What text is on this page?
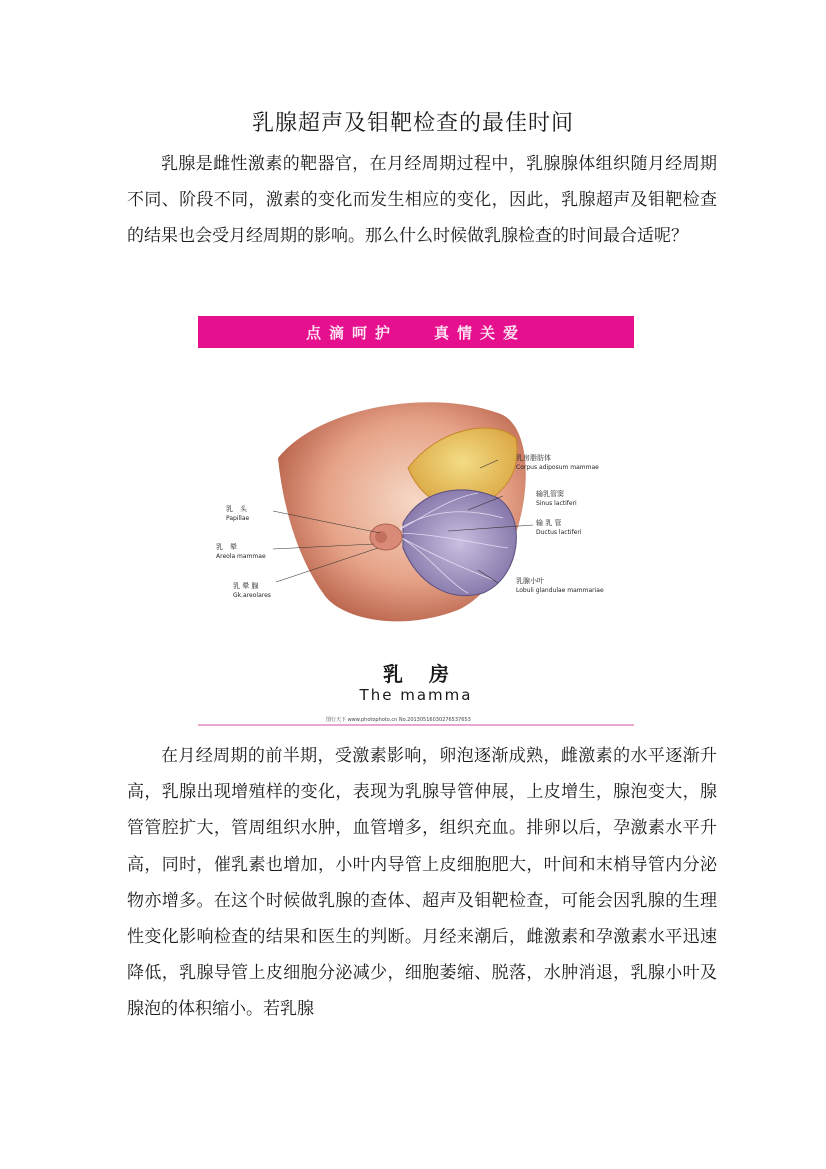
乳腺超声及钼靶检查的最佳时间

乳腺是雌性激素的靶器官，在月经周期过程中，乳腺腺体组织随月经周期不同、阶段不同，激素的变化而发生相应的变化，因此，乳腺超声及钼靶检查的结果也会受月经周期的影响。那么什么时候做乳腺检查的时间最合适呢？

点滴呵护 真情关爱
乳　头
Papillae
乳　晕
Areola mammae
乳 晕 腺
Gk.areolares
乳房脂肪体
Corpus adiposum mammae
输乳管窦
Sinus lactiferi
输 乳 管
Ductus lactiferi
乳腺小叶
Lobuli glandulae mammariae
乳房
The mamma
图行天下 www.photophoto.cn No.20130516030276537653

在月经周期的前半期，受激素影响，卵泡逐渐成熟，雌激素的水平逐渐升高，乳腺出现增殖样的变化，表现为乳腺导管伸展，上皮增生，腺泡变大，腺管管腔扩大，管周组织水肿，血管增多，组织充血。排卵以后，孕激素水平升高，同时，催乳素也增加，小叶内导管上皮细胞肥大，叶间和末梢导管内分泌物亦增多。在这个时候做乳腺的查体、超声及钼靶检查，可能会因乳腺的生理性变化影响检查的结果和医生的判断。月经来潮后，雌激素和孕激素水平迅速降低，乳腺导管上皮细胞分泌减少，细胞萎缩、脱落，水肿消退，乳腺小叶及腺泡的体积缩小。若乳腺
